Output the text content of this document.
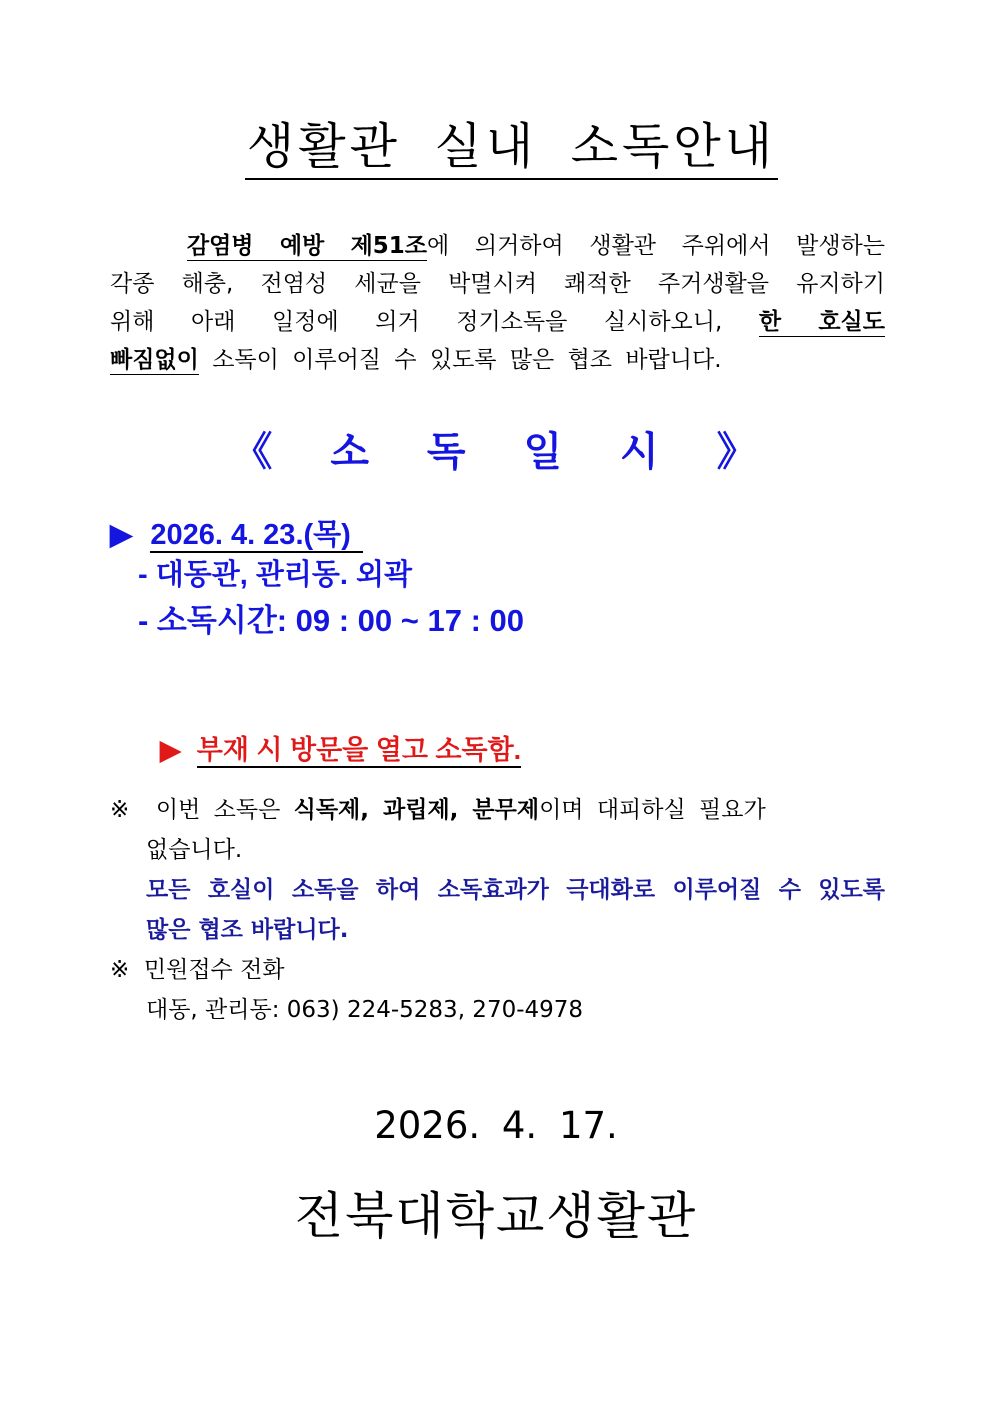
생활관 실내 소독안내
감염병 예방 제51조에 의거하여 생활관 주위에서 발생하는
각종 해충, 전염성 세균을 박멸시켜 쾌적한 주거생활을 유지하기
위해 아래 일정에 의거 정기소독을 실시하오니, 한 호실도
빠짐없이 소독이 이루어질 수 있도록 많은 협조 바랍니다.
《 소 독 일 시 》
▶ 2026. 4. 23.(목)
- 대동관, 관리동. 외곽
- 소독시간: 09 : 00 ~ 17 : 00
▶ 부재 시 방문을 열고 소독함.
※ 이번 소독은 식독제, 과립제, 분무제이며 대피하실 필요가
없습니다.
모든 호실이 소독을 하여 소독효과가 극대화로 이루어질 수 있도록
많은 협조 바랍니다.
※ 민원접수 전화
대동, 관리동: 063) 224-5283, 270-4978
2026. 4. 17.
전북대학교생활관
